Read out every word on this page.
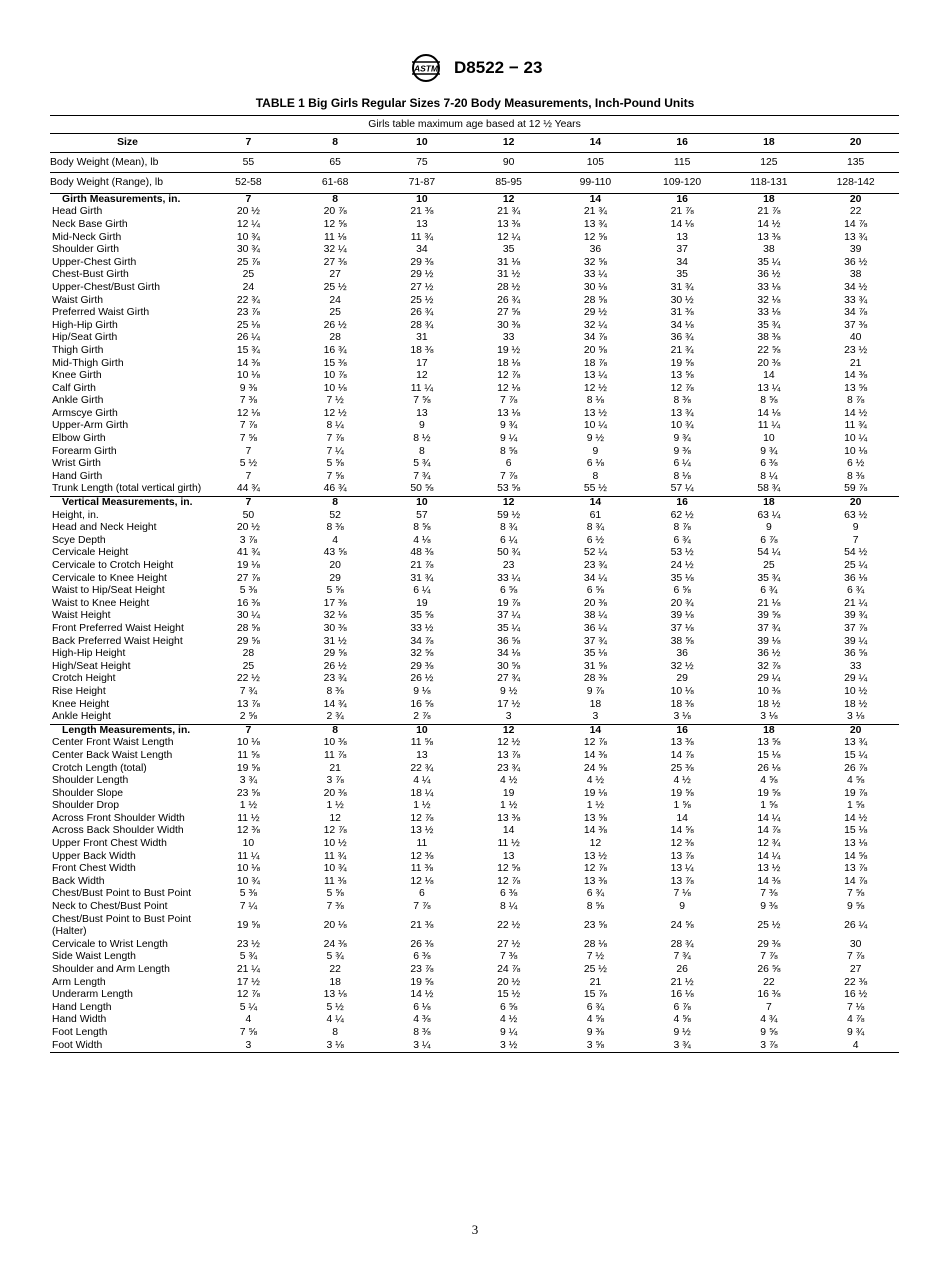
ASTM D8522 − 23
TABLE 1 Big Girls Regular Sizes 7-20 Body Measurements, Inch-Pound Units
Girls table maximum age based at 12 ½ Years								
Size	7	8	10	12	14	16	18	20
Body Weight (Mean), lb	55	65	75	90	105	115	125	135
Body Weight (Range), lb	52-58	61-68	71-87	85-95	99-110	109-120	118-131	128-142
Girth Measurements, in.	7	8	10	12	14	16	18	20
Head Girth	20 ½	20 ⅞	21 ⅜	21 ¾	21 ¾	21 ⅞	21 ⅞	22
Neck Base Girth	12 ¼	12 ⅝	13	13 ⅜	13 ¾	14 ⅛	14 ½	14 ⅞
Mid-Neck Girth	10 ¾	11 ⅛	11 ¾	12 ¼	12 ⅝	13	13 ⅜	13 ¾
Shoulder Girth	30 ¾	32 ¼	34	35	36	37	38	39
Upper-Chest Girth	25 ⅞	27 ⅜	29 ⅜	31 ⅛	32 ⅝	34	35 ¼	36 ½
Chest-Bust Girth	25	27	29 ½	31 ½	33 ¼	35	36 ½	38
Upper-Chest/Bust Girth	24	25 ½	27 ½	28 ½	30 ⅛	31 ¾	33 ⅛	34 ½
Waist Girth	22 ¾	24	25 ½	26 ¾	28 ⅝	30 ½	32 ⅛	33 ¾
Preferred Waist Girth	23 ⅞	25	26 ¾	27 ⅝	29 ½	31 ⅜	33 ⅛	34 ⅞
High-Hip Girth	25 ⅛	26 ½	28 ¾	30 ⅜	32 ¼	34 ⅛	35 ¾	37 ⅜
Hip/Seat Girth	26 ¼	28	31	33	34 ⅞	36 ¾	38 ⅜	40
Thigh Girth	15 ¾	16 ¾	18 ⅜	19 ½	20 ⅝	21 ¾	22 ⅝	23 ½
Mid-Thigh Girth	14 ⅜	15 ⅜	17	18 ⅛	18 ⅞	19 ⅝	20 ⅜	21
Knee Girth	10 ⅛	10 ⅞	12	12 ⅞	13 ¼	13 ⅝	14	14 ⅜
Calf Girth	9 ⅜	10 ⅛	11 ¼	12 ⅛	12 ½	12 ⅞	13 ¼	13 ⅝
Ankle Girth	7 ⅜	7 ½	7 ⅝	7 ⅞	8 ⅛	8 ⅜	8 ⅝	8 ⅞
Armscye Girth	12 ⅛	12 ½	13	13 ⅛	13 ½	13 ¾	14 ⅛	14 ½
Upper-Arm Girth	7 ⅞	8 ¼	9	9 ¾	10 ¼	10 ¾	11 ¼	11 ¾
Elbow Girth	7 ⅝	7 ⅞	8 ½	9 ¼	9 ½	9 ¾	10	10 ¼
Forearm Girth	7	7 ¼	8	8 ⅝	9	9 ⅜	9 ¾	10 ⅛
Wrist Girth	5 ½	5 ⅝	5 ¾	6	6 ⅛	6 ¼	6 ⅜	6 ½
Hand Girth	7	7 ⅝	7 ¾	7 ⅞	8	8 ⅛	8 ¼	8 ⅜
Trunk Length (total vertical girth)	44 ¾	46 ¾	50 ⅝	53 ⅝	55 ½	57 ¼	58 ¾	59 ⅞
Vertical Measurements, in.	7	8	10	12	14	16	18	20
Height, in.	50	52	57	59 ½	61	62 ½	63 ¼	63 ½
Head and Neck Height	20 ½	8 ⅜	8 ⅝	8 ¾	8 ¾	8 ⅞	9	9
Scye Depth	3 ⅞	4	4 ⅛	6 ¼	6 ½	6 ¾	6 ⅞	7
Cervicale Height	41 ¾	43 ⅝	48 ⅜	50 ¾	52 ¼	53 ½	54 ¼	54 ½
Cervicale to Crotch Height	19 ⅛	20	21 ⅞	23	23 ¾	24 ½	25	25 ¼
Cervicale to Knee Height	27 ⅞	29	31 ¾	33 ¼	34 ¼	35 ⅛	35 ¾	36 ⅛
Waist to Hip/Seat Height	5 ⅜	5 ⅝	6 ¼	6 ⅝	6 ⅝	6 ⅝	6 ¾	6 ¾
Waist to Knee Height	16 ⅜	17 ⅜	19	19 ⅞	20 ⅜	20 ¾	21 ⅛	21 ¼
Waist Height	30 ¼	32 ⅛	35 ⅝	37 ¼	38 ¼	39 ⅛	39 ⅝	39 ¾
Front Preferred Waist Height	28 ⅝	30 ⅜	33 ½	35 ¼	36 ¼	37 ⅛	37 ¾	37 ⅞
Back Preferred Waist Height	29 ⅝	31 ½	34 ⅞	36 ⅝	37 ¾	38 ⅝	39 ⅛	39 ¼
High-Hip Height	28	29 ⅝	32 ⅝	34 ⅛	35 ⅛	36	36 ½	36 ⅝
High/Seat Height	25	26 ½	29 ⅜	30 ⅝	31 ⅝	32 ½	32 ⅞	33
Crotch Height	22 ½	23 ¾	26 ½	27 ¾	28 ⅜	29	29 ¼	29 ¼
Rise Height	7 ¾	8 ⅜	9 ⅛	9 ½	9 ⅞	10 ⅛	10 ⅜	10 ½
Knee Height	13 ⅞	14 ¾	16 ⅝	17 ½	18	18 ⅜	18 ½	18 ½
Ankle Height	2 ⅝	2 ¾	2 ⅞	3	3	3 ⅛	3 ⅛	3 ⅛
Length Measurements, in.	7	8	10	12	14	16	18	20
Center Front Waist Length	10 ⅛	10 ⅜	11 ⅝	12 ½	12 ⅞	13 ⅜	13 ⅝	13 ¾
Center Back Waist Length	11 ⅝	11 ⅞	13	13 ⅞	14 ⅜	14 ⅞	15 ⅛	15 ¼
Crotch Length (total)	19 ⅝	21	22 ¾	23 ¾	24 ⅝	25 ⅜	26 ⅛	26 ⅞
Shoulder Length	3 ¾	3 ⅞	4 ¼	4 ½	4 ½	4 ½	4 ⅝	4 ⅝
Shoulder Slope	23 ⅝	20 ⅜	18 ¼	19	19 ⅛	19 ⅝	19 ⅝	19 ⅞
Shoulder Drop	1 ½	1 ½	1 ½	1 ½	1 ½	1 ⅝	1 ⅝	1 ⅝
Across Front Shoulder Width	11 ½	12	12 ⅞	13 ⅜	13 ⅝	14	14 ¼	14 ½
Across Back Shoulder Width	12 ⅜	12 ⅞	13 ½	14	14 ⅜	14 ⅝	14 ⅞	15 ⅛
Upper Front Chest Width	10	10 ½	11	11 ½	12	12 ⅜	12 ¾	13 ⅛
Upper Back Width	11 ¼	11 ¾	12 ⅜	13	13 ½	13 ⅞	14 ¼	14 ⅝
Front Chest Width	10 ⅛	10 ¾	11 ⅜	12 ⅝	12 ⅞	13 ¼	13 ½	13 ⅞
Back Width	10 ¾	11 ⅜	12 ⅛	12 ⅞	13 ⅜	13 ⅞	14 ⅜	14 ⅞
Chest/Bust Point to Bust Point	5 ⅜	5 ⅝	6	6 ⅜	6 ¾	7 ⅛	7 ⅜	7 ⅝
Neck to Chest/Bust Point	7 ¼	7 ⅜	7 ⅞	8 ¼	8 ⅝	9	9 ⅜	9 ⅝
Chest/Bust Point to Bust Point (Halter)	19 ⅝	20 ⅛	21 ⅜	22 ½	23 ⅝	24 ⅝	25 ½	26 ¼
Cervicale to Wrist Length	23 ½	24 ⅜	26 ⅜	27 ½	28 ⅛	28 ¾	29 ⅜	30
Side Waist Length	5 ¾	5 ¾	6 ⅜	7 ⅜	7 ½	7 ¾	7 ⅞	7 ⅞
Shoulder and Arm Length	21 ¼	22	23 ⅞	24 ⅞	25 ½	26	26 ⅝	27
Arm Length	17 ½	18	19 ⅝	20 ½	21	21 ½	22	22 ⅜
Underarm Length	12 ⅞	13 ⅛	14 ½	15 ½	15 ⅞	16 ⅛	16 ⅜	16 ½
Hand Length	5 ¼	5 ½	6 ⅛	6 ⅝	6 ¾	6 ⅞	7	7 ⅛
Hand Width	4	4 ¼	4 ⅜	4 ½	4 ⅝	4 ⅝	4 ¾	4 ⅞
Foot Length	7 ⅝	8	8 ⅜	9 ¼	9 ⅜	9 ½	9 ⅝	9 ¾
Foot Width	3	3 ⅛	3 ¼	3 ½	3 ⅝	3 ¾	3 ⅞	4
3
